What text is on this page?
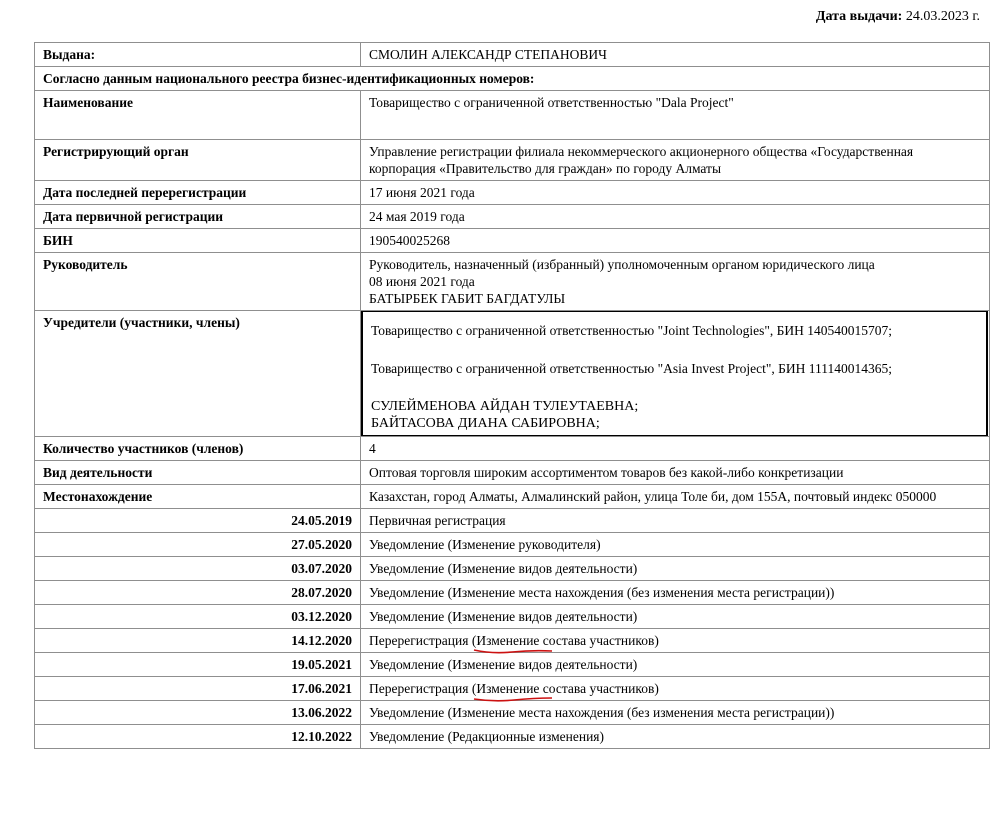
Дата выдачи: 24.03.2023 г.
Выдана:	СМОЛИН АЛЕКСАНДР СТЕПАНОВИЧ
Согласно данным национального реестра бизнес-идентификационных номеров:	
Наименование	Товарищество с ограниченной ответственностью "Dala Project"
Регистрирующий орган	Управление регистрации филиала некоммерческого акционерного общества «Государственная корпорация «Правительство для граждан» по городу Алматы
Дата последней перерегистрации	17 июня 2021 года
Дата первичной регистрации	24 мая 2019 года
БИН	190540025268
Руководитель	Руководитель, назначенный (избранный) уполномоченным органом юридического лица
08 июня 2021 года
БАТЫРБЕК ГАБИТ БАГДАТУЛЫ

Учредители (участники, члены)	Товарищество с ограниченной ответственностью "Joint Technologies", БИН 140540015707;
Товарищество с ограниченной ответственностью "Asia Invest Project", БИН 111140014365;
СУЛЕЙМЕНОВА АЙДАН ТУЛЕУТАЕВНА;
БАЙТАСОВА ДИАНА САБИРОВНА;

Количество участников (членов)	4
Вид деятельности	Оптовая торговля широким ассортиментом товаров без какой-либо конкретизации
Местонахождение	Казахстан, город Алматы, Алмалинский район, улица Толе би, дом 155А, почтовый индекс 050000
24.05.2019	Первичная регистрация
27.05.2020	Уведомление (Изменение руководителя)
03.07.2020	Уведомление (Изменение видов деятельности)
28.07.2020	Уведомление (Изменение места нахождения (без изменения места регистрации))
03.12.2020	Уведомление (Изменение видов деятельности)
14.12.2020	Перерегистрация (Изменение
состава участников)
19.05.2021	Уведомление (Изменение видов деятельности)
17.06.2021	Перерегистрация (Изменение
состава участников)
13.06.2022	Уведомление (Изменение места нахождения (без изменения места регистрации))
12.10.2022	Уведомление (Редакционные изменения)
